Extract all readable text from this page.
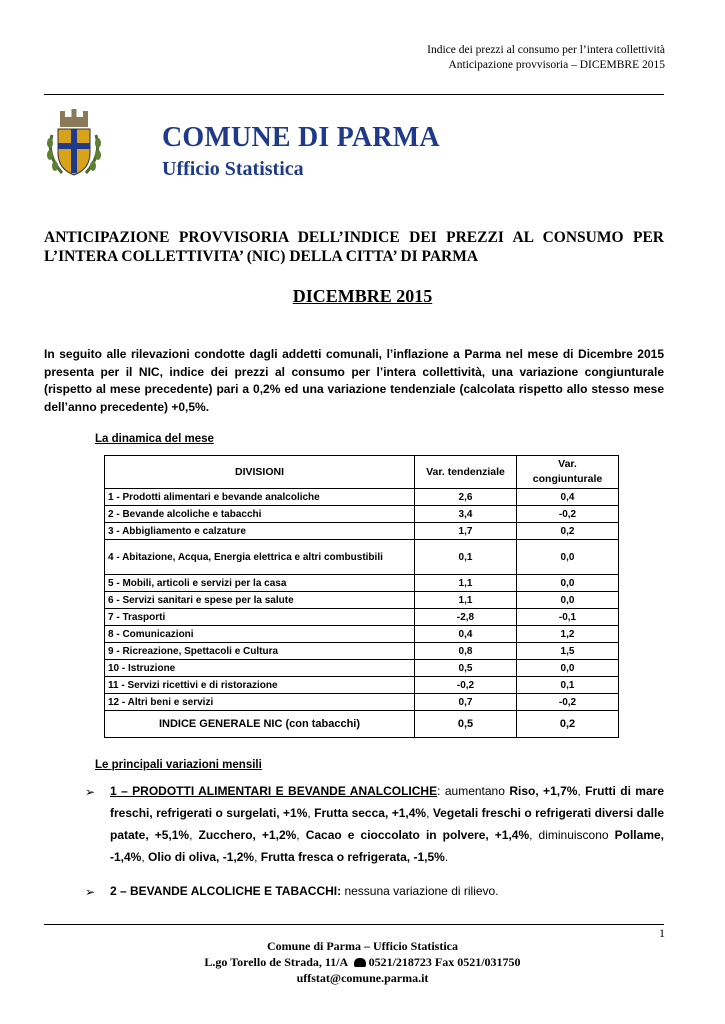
Indice dei prezzi al consumo per l’intera collettività
Anticipazione provvisoria – DICEMBRE 2015
COMUNE DI PARMA
Ufficio Statistica
ANTICIPAZIONE PROVVISORIA DELL’INDICE DEI PREZZI AL CONSUMO PER L’INTERA COLLETTIVITA’ (NIC) DELLA CITTA’ DI PARMA
DICEMBRE 2015
In seguito alle rilevazioni condotte dagli addetti comunali, l’inflazione a Parma nel mese di Dicembre 2015 presenta per il NIC, indice dei prezzi al consumo per l’intera collettività, una variazione congiunturale (rispetto al mese precedente) pari a 0,2% ed una variazione tendenziale (calcolata rispetto allo stesso mese dell’anno precedente) +0,5%.
La dinamica del mese
DIVISIONI	Var. tendenziale	Var.
congiunturale
1 - Prodotti alimentari e bevande analcoliche	2,6	0,4
2 - Bevande alcoliche e tabacchi	3,4	-0,2
3 - Abbigliamento e calzature	1,7	0,2
4 - Abitazione, Acqua, Energia elettrica e altri combustibili	0,1	0,0
5 - Mobili, articoli e servizi per la casa	1,1	0,0
6 - Servizi sanitari e spese per la salute	1,1	0,0
7 - Trasporti	-2,8	-0,1
8 - Comunicazioni	0,4	1,2
9 - Ricreazione, Spettacoli e Cultura	0,8	1,5
10 - Istruzione	0,5	0,0
11 - Servizi ricettivi e di ristorazione	-0,2	0,1
12 - Altri beni e servizi	0,7	-0,2
INDICE GENERALE NIC (con tabacchi)	0,5	0,2
Le principali variazioni mensili
➢ 1 – PRODOTTI ALIMENTARI E BEVANDE ANALCOLICHE: aumentano Riso, +1,7%, Frutti di mare freschi, refrigerati o surgelati, +1%, Frutta secca, +1,4%, Vegetali freschi o refrigerati diversi dalle patate, +5,1%, Zucchero, +1,2%, Cacao e cioccolato in polvere, +1,4%, diminuiscono Pollame, -1,4%, Olio di oliva, -1,2%, Frutta fresca o refrigerata, -1,5%.
➢ 2 – BEVANDE ALCOLICHE E TABACCHI: nessuna variazione di rilievo.
1
Comune di Parma – Ufficio Statistica
L.go Torello de Strada, 11/A 0521/218723 Fax 0521/031750
uffstat@comune.parma.it
